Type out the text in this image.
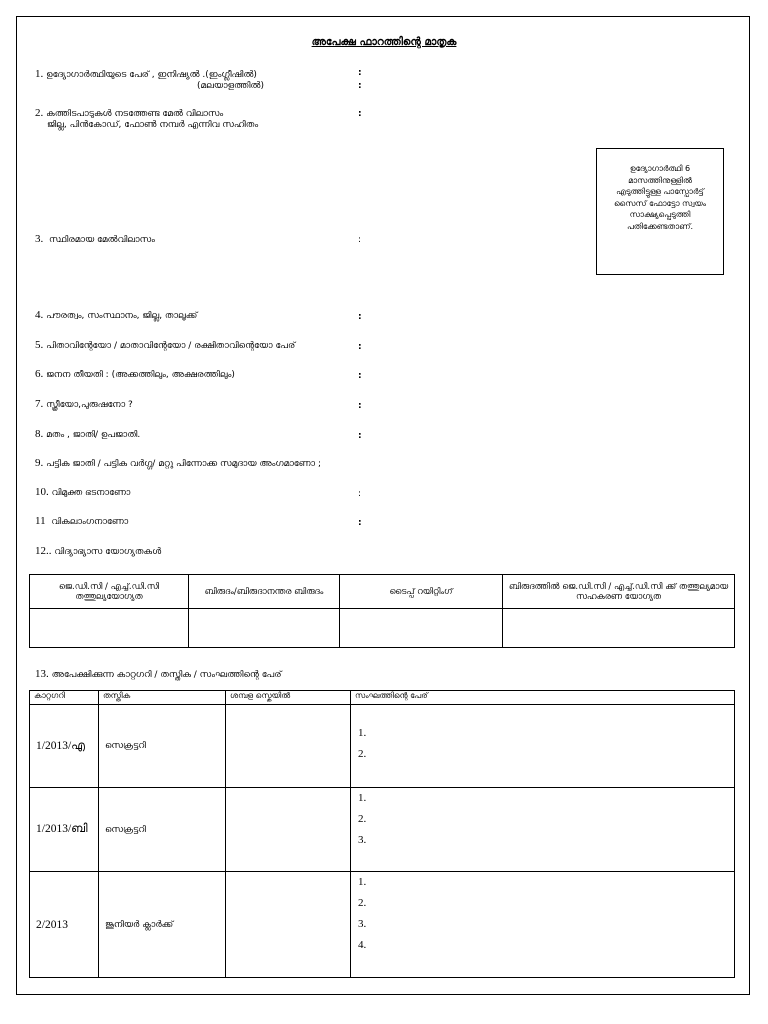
അപേക്ഷ ഫാറത്തിന്റെ മാതൃക
1. ഉദ്യോഗാർത്ഥിയുടെ പേര് , ഇനിഷ്യൽ .(ഇംഗ്ലീഷിൽ)
(മലയാളത്തിൽ)
:
:
2. കത്തിടപാടുകൾ നടത്തേണ്ട മേൽ വിലാസം
ജില്ല, പിൻകോഡ്, ഫോൺ നമ്പർ എന്നിവ സഹിതം
:
ഉദ്യോഗാർത്ഥി 6 മാസത്തിനുള്ളിൽ എടുത്തിട്ടുള്ള പാസ്പോർട്ട് സൈസ് ഫോട്ടോ സ്വയം സാക്ഷ്യപ്പെടുത്തി പതിക്കേണ്ടതാണ്.
3. സ്ഥിരമായ മേൽവിലാസം	:
4. പൗരത്വം, സംസ്ഥാനം, ജില്ല, താലൂക്ക്	:
5. പിതാവിന്റേയോ / മാതാവിന്റേയോ / രക്ഷിതാവിന്റെയോ പേര്	:
6. ജനന തീയതി : (അക്കത്തിലും, അക്ഷരത്തിലും)	:
7. സ്ത്രീയോ,പുരുഷനോ ?	:
8. മതം , ജാതി/ ഉപജാതി.	:
9. പട്ടിക ജാതി / പട്ടിക വർഗ്ഗ/ മറ്റു പിന്നോക്ക സമുദായ അംഗമാണോ ;
10. വിമുക്ത ഭടനാണോ	:
11 വികലാംഗനാണോ	:
12.. വിദ്യാഭ്യാസ യോഗ്യതകൾ
ജെ.ഡി.സി / എച്ച്.ഡി.സി തത്തുല്യയോഗ്യത	ബിരുദം/ബിരുദാനന്തര ബിരുദം	ടൈപ്പ് റയിറ്റിംഗ്	ബിരുദത്തിൽ ജെ.ഡി.സി / എച്ച്.ഡി.സി ക്ക് തത്തുല്യമായ സഹകരണ യോഗ്യത

13. അപേക്ഷിക്കുന്ന കാറ്റഗറി / തസ്തിക / സംഘത്തിന്റെ പേര്
കാറ്റഗറി	തസ്തിക	ശമ്പള സ്കെയിൽ	സംഘത്തിന്റെ പേര്
1/2013/എ	സെക്രട്ടറി		1.
2.

1/2013/ബി	സെക്രട്ടറി		1.
2.
3.

2/2013	ജൂനിയർ ക്ലാർക്ക്		1.
2.
3.
4.
